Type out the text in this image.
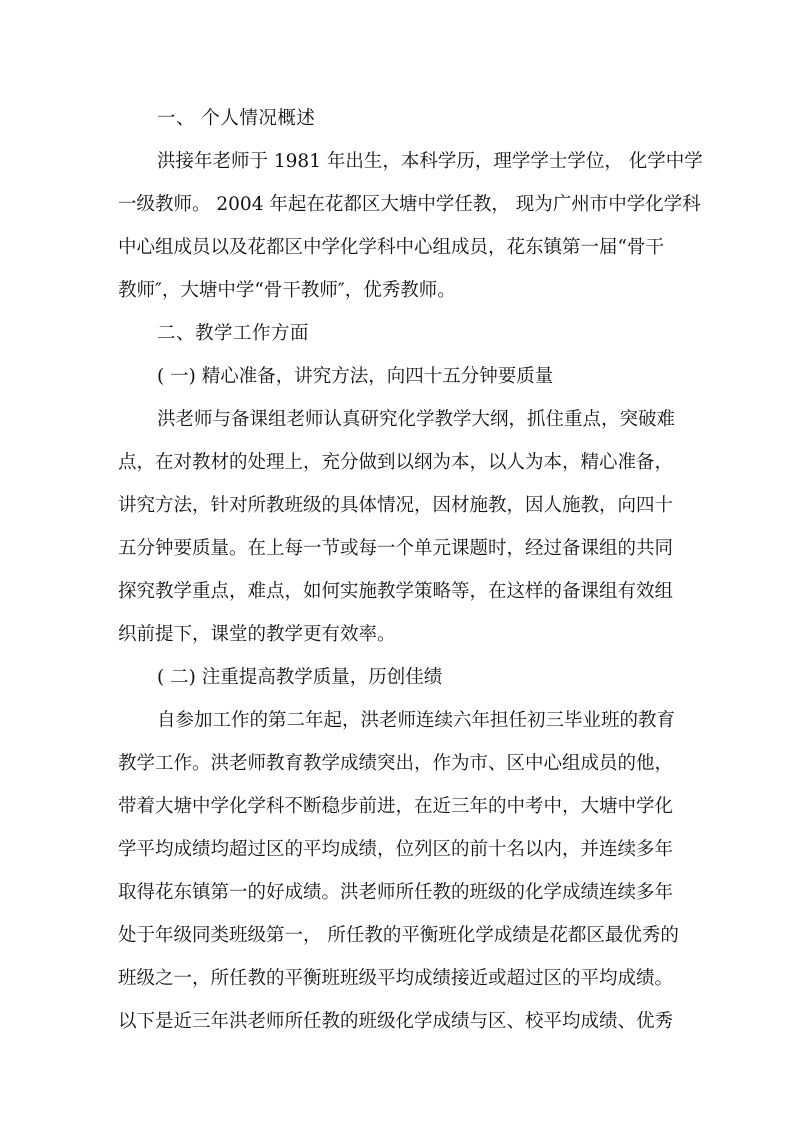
一、 个人情况概述
洪接年老师于 1981 年出生，本科学历，理学学士学位， 化学中学
一级教师。 2004 年起在花都区大塘中学任教， 现为广州市中学化学科
中心组成员以及花都区中学化学科中心组成员，花东镇第一届“骨干
教师″，大塘中学“骨干教师″，优秀教师。
二、教学工作方面
( 一) 精心准备，讲究方法，向四十五分钟要质量
洪老师与备课组老师认真研究化学教学大纲，抓住重点，突破难
点，在对教材的处理上，充分做到以纲为本，以人为本，精心准备，
讲究方法，针对所教班级的具体情况，因材施教，因人施教，向四十
五分钟要质量。在上每一节或每一个单元课题时，经过备课组的共同
探究教学重点，难点，如何实施教学策略等，在这样的备课组有效组
织前提下，课堂的教学更有效率。
( 二) 注重提高教学质量，历创佳绩
自参加工作的第二年起，洪老师连续六年担任初三毕业班的教育
教学工作。洪老师教育教学成绩突出，作为市、区中心组成员的他，
带着大塘中学化学科不断稳步前进，在近三年的中考中，大塘中学化
学平均成绩均超过区的平均成绩，位列区的前十名以内，并连续多年
取得花东镇第一的好成绩。洪老师所任教的班级的化学成绩连续多年
处于年级同类班级第一， 所任教的平衡班化学成绩是花都区最优秀的
班级之一，所任教的平衡班班级平均成绩接近或超过区的平均成绩。
以下是近三年洪老师所任教的班级化学成绩与区、校平均成绩、优秀
